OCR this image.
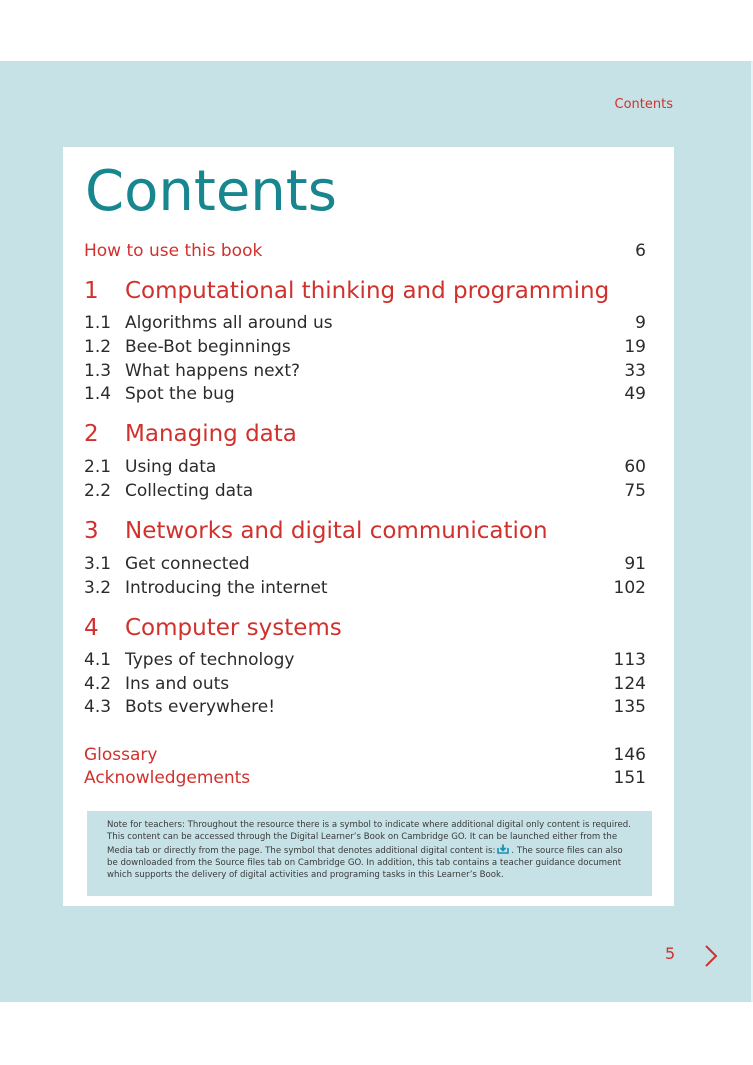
Contents
Contents
How to use this book	6
1 Computational thinking and programming
1.1 Algorithms all around us	9
1.2 Bee-Bot beginnings	19
1.3 What happens next?	33
1.4 Spot the bug	49
2 Managing data
2.1 Using data	60
2.2 Collecting data	75
3 Networks and digital communication
3.1 Get connected	91
3.2 Introducing the internet	102
4 Computer systems
4.1 Types of technology	113
4.2 Ins and outs	124
4.3 Bots everywhere!	135
Glossary	146
Acknowledgements	151
Note for teachers: Throughout the resource there is a symbol to indicate where additional digital only content is required. This content can be accessed through the Digital Learner’s Book on Cambridge GO. It can be launched either from the Media tab or directly from the page. The symbol that denotes additional digital content is: . The source files can also be downloaded from the Source files tab on Cambridge GO. In addition, this tab contains a teacher guidance document which supports the delivery of digital activities and programing tasks in this Learner’s Book.
5
